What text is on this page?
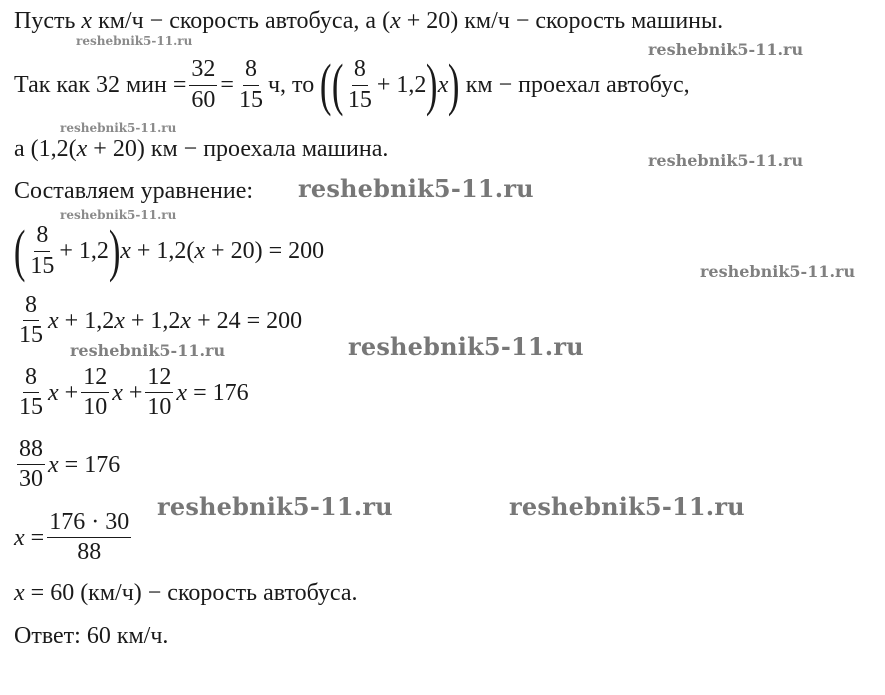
Пусть x км/ч − скорость автобуса, а ( x + 20) км/ч − скорость машины.
Так как 32 мин = $\frac{32}{60} = \frac{8}{15} ч$, то ( ( $\frac{8}{15} + 1,2$ ) x ) км − проехал автобус,
а (1,2( x + 20) км − проехала машина.
Составляем уравнение:
( $\frac{8}{15} + 1,2$ ) x + 1,2( x + 20) = 200
$\frac{8}{15}$ x + 1,2 x + 1,2 x + 24 = 200
$\frac{8}{15}$ $x + \frac{12}{10}$ $x + \frac{12}{10}$ x = 176
$\frac{88}{30}$ x = 176
$x = \frac{176 \cdot 30}{88}$
x = 60 (км/ч) − скорость автобуса.
Ответ: 60 км/ч.
reshebnik5-11.ru	reshebnik5-11.ru
reshebnik5-11.ru
reshebnik5-11.ru
reshebnik5-11.ru
reshebnik5-11.ru
reshebnik5-11.ru
reshebnik5-11.ru	reshebnik5-11.ru
reshebnik5-11.ru	reshebnik5-11.ru
